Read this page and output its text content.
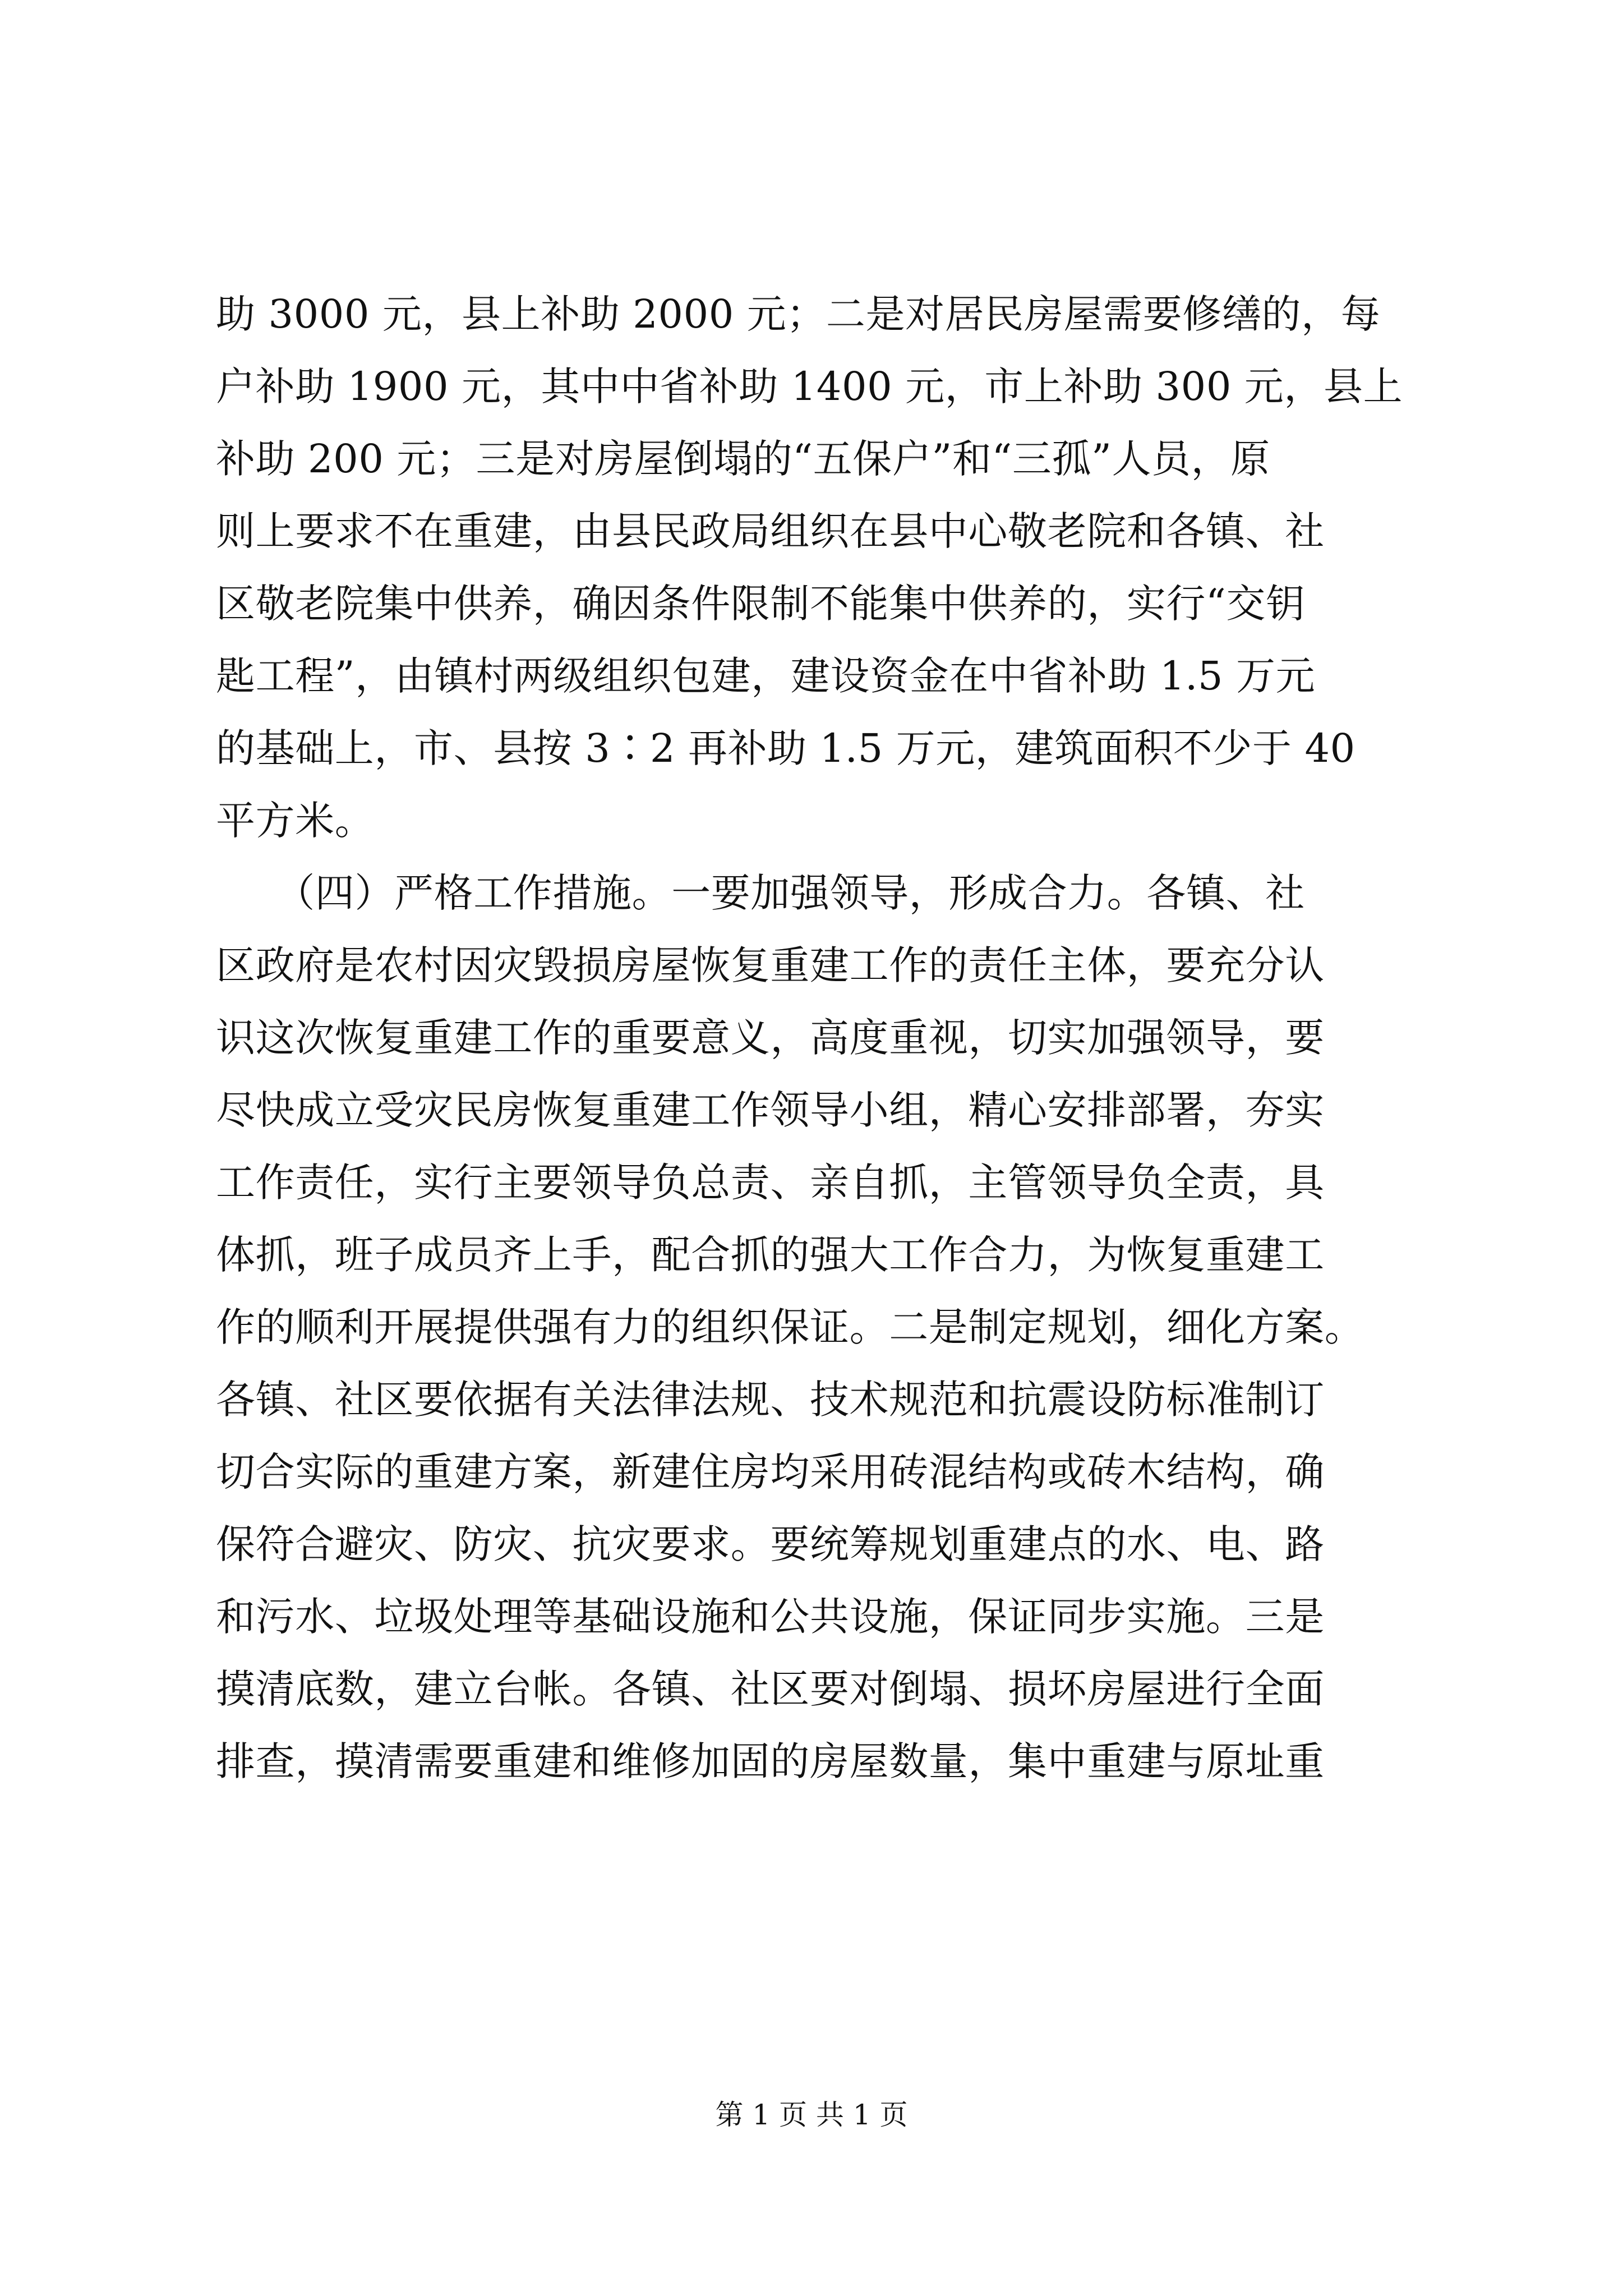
助 3000 元，县上补助 2000 元；二是对居民房屋需要修缮的，每
户补助 1900 元，其中中省补助 1400 元，市上补助 300 元，县上
补助 200 元；三是对房屋倒塌的“五保户”和“三孤”人员，原
则上要求不在重建，由县民政局组织在县中心敬老院和各镇、社
区敬老院集中供养，确因条件限制不能集中供养的，实行“交钥
匙工程”，由镇村两级组织包建，建设资金在中省补助 1.5 万元
的基础上，市、县按 3∶2 再补助 1.5 万元，建筑面积不少于 40
平方米。
　　（四）严格工作措施。一要加强领导，形成合力。各镇、社
区政府是农村因灾毁损房屋恢复重建工作的责任主体，要充分认
识这次恢复重建工作的重要意义，高度重视，切实加强领导，要
尽快成立受灾民房恢复重建工作领导小组，精心安排部署，夯实
工作责任，实行主要领导负总责、亲自抓，主管领导负全责，具
体抓，班子成员齐上手，配合抓的强大工作合力，为恢复重建工
作的顺利开展提供强有力的组织保证。二是制定规划，细化方案。
各镇、社区要依据有关法律法规、技术规范和抗震设防标准制订
切合实际的重建方案，新建住房均采用砖混结构或砖木结构，确
保符合避灾、防灾、抗灾要求。要统筹规划重建点的水、电、路
和污水、垃圾处理等基础设施和公共设施，保证同步实施。三是
摸清底数，建立台帐。各镇、社区要对倒塌、损坏房屋进行全面
排查，摸清需要重建和维修加固的房屋数量，集中重建与原址重
第 1 页 共 1 页
